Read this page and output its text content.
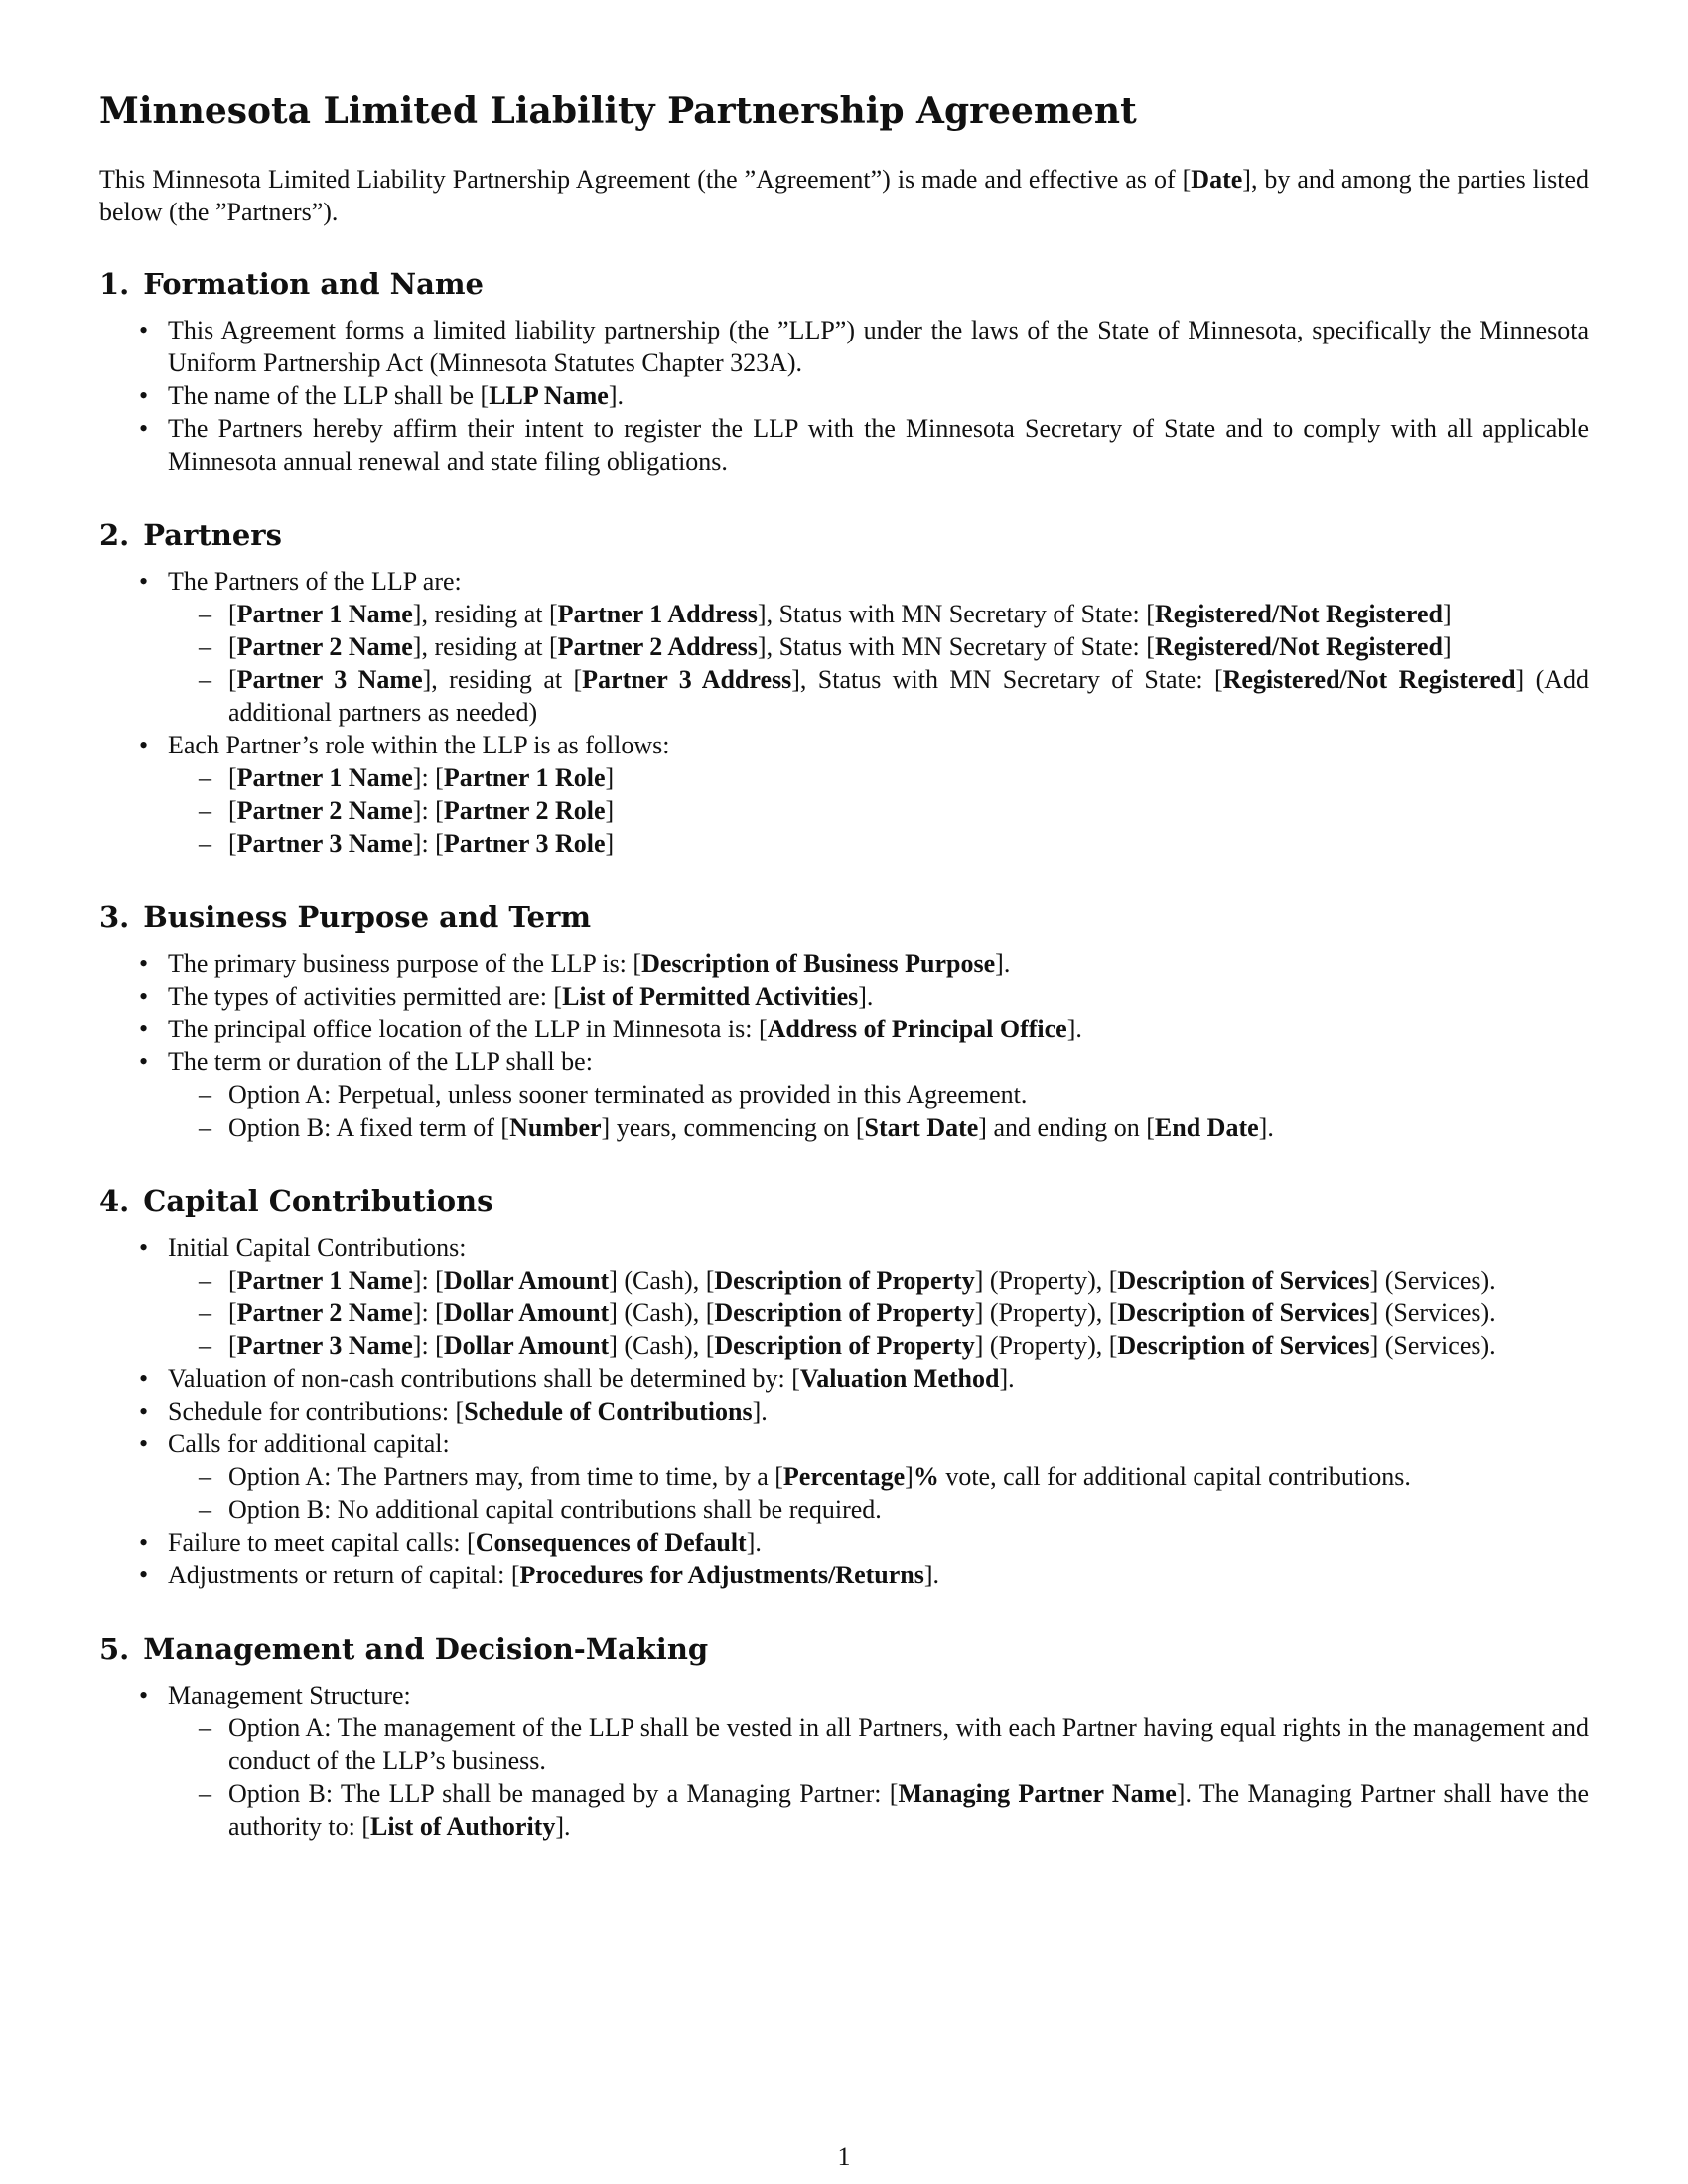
Minnesota Limited Liability Partnership Agreement

This Minnesota Limited Liability Partnership Agreement (the ”Agreement”) is made and effective as of [Date], by and among the parties listed below (the ”Partners”).

1. Formation and Name
• This Agreement forms a limited liability partnership (the ”LLP”) under the laws of the State of Minnesota, specifically the Minnesota Uniform Partnership Act (Minnesota Statutes Chapter 323A).
• The name of the LLP shall be [LLP Name].
• The Partners hereby affirm their intent to register the LLP with the Minnesota Secretary of State and to comply with all applicable Minnesota annual renewal and state filing obligations.
2. Partners
• The Partners of the LLP are:
– [Partner 1 Name], residing at [Partner 1 Address], Status with MN Secretary of State: [Registered/Not Registered]
– [Partner 2 Name], residing at [Partner 2 Address], Status with MN Secretary of State: [Registered/Not Registered]
– [Partner 3 Name], residing at [Partner 3 Address], Status with MN Secretary of State: [Registered/Not Registered] (Add additional partners as needed)
• Each Partner’s role within the LLP is as follows:
– [Partner 1 Name]: [Partner 1 Role]
– [Partner 2 Name]: [Partner 2 Role]
– [Partner 3 Name]: [Partner 3 Role]
3. Business Purpose and Term
• The primary business purpose of the LLP is: [Description of Business Purpose].
• The types of activities permitted are: [List of Permitted Activities].
• The principal office location of the LLP in Minnesota is: [Address of Principal Office].
• The term or duration of the LLP shall be:
– Option A: Perpetual, unless sooner terminated as provided in this Agreement.
– Option B: A fixed term of [Number] years, commencing on [Start Date] and ending on [End Date].
4. Capital Contributions
• Initial Capital Contributions:
– [Partner 1 Name]: [Dollar Amount] (Cash), [Description of Property] (Property), [Description of Services] (Services).
– [Partner 2 Name]: [Dollar Amount] (Cash), [Description of Property] (Property), [Description of Services] (Services).
– [Partner 3 Name]: [Dollar Amount] (Cash), [Description of Property] (Property), [Description of Services] (Services).
• Valuation of non-cash contributions shall be determined by: [Valuation Method].
• Schedule for contributions: [Schedule of Contributions].
• Calls for additional capital:
– Option A: The Partners may, from time to time, by a [Percentage]% vote, call for additional capital contributions.
– Option B: No additional capital contributions shall be required.
• Failure to meet capital calls: [Consequences of Default].
• Adjustments or return of capital: [Procedures for Adjustments/Returns].
5. Management and Decision-Making
• Management Structure:
– Option A: The management of the LLP shall be vested in all Partners, with each Partner having equal rights in the management and conduct of the LLP’s business.
– Option B: The LLP shall be managed by a Managing Partner: [Managing Partner Name]. The Managing Partner shall have the authority to: [List of Authority].
1
